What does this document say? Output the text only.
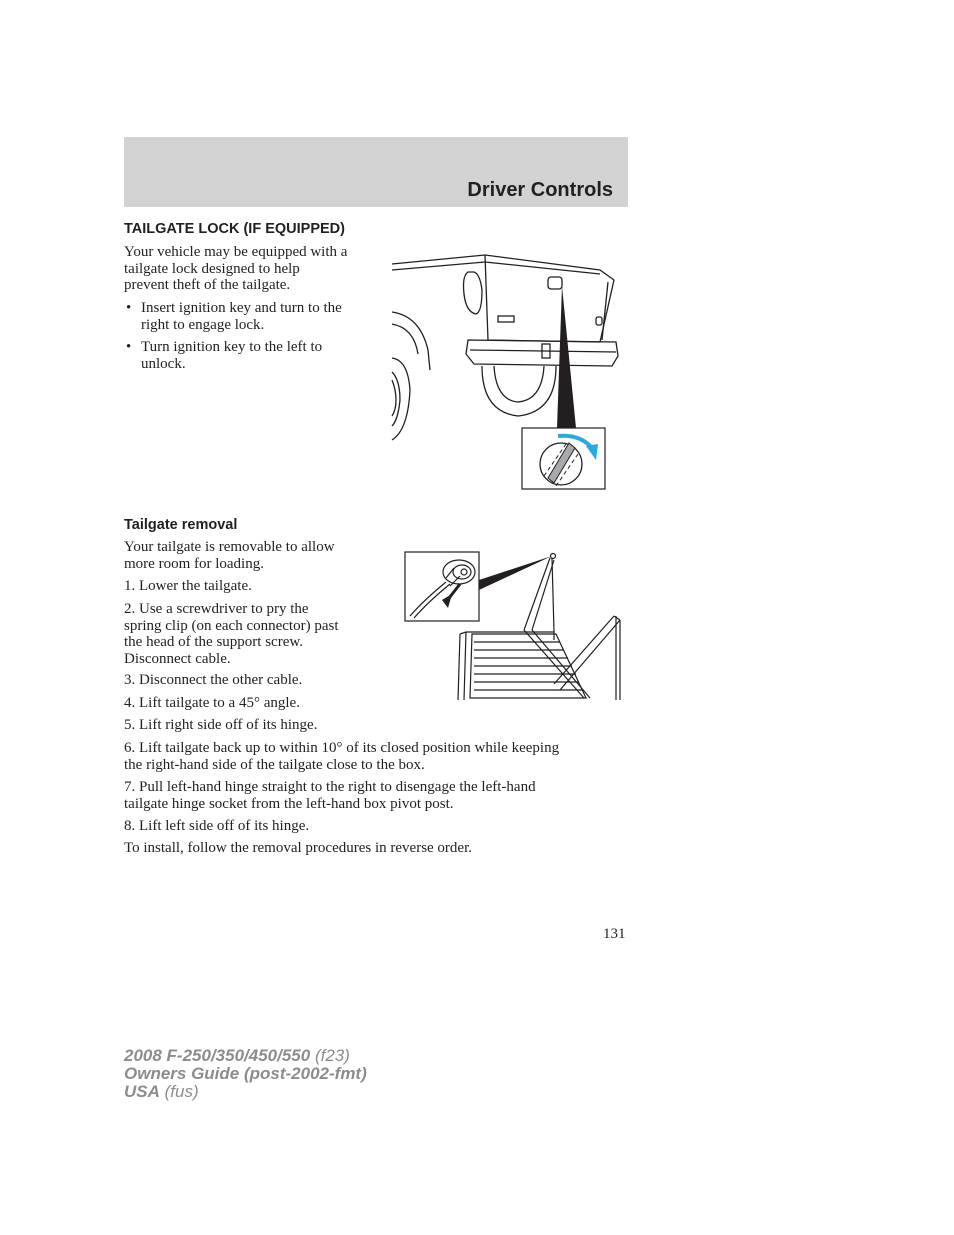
Driver Controls
TAILGATE LOCK (IF EQUIPPED)

Your vehicle may be equipped with a
tailgate lock designed to help
prevent theft of the tailgate.

• Insert ignition key and turn to the
right to engage lock.
• Turn ignition key to the left to
unlock.
Tailgate removal

Your tailgate is removable to allow
more room for loading.

1. Lower the tailgate.

2. Use a screwdriver to pry the
spring clip (on each connector) past
the head of the support screw.
Disconnect cable.

3. Disconnect the other cable.

4. Lift tailgate to a 45° angle.

5. Lift right side off of its hinge.

6. Lift tailgate back up to within 10° of its closed position while keeping
the right-hand side of the tailgate close to the box.

7. Pull left-hand hinge straight to the right to disengage the left-hand
tailgate hinge socket from the left-hand box pivot post.

8. Lift left side off of its hinge.

To install, follow the removal procedures in reverse order.

131
2008 F-250/350/450/550 (f23)
Owners Guide (post-2002-fmt)
USA (fus)
